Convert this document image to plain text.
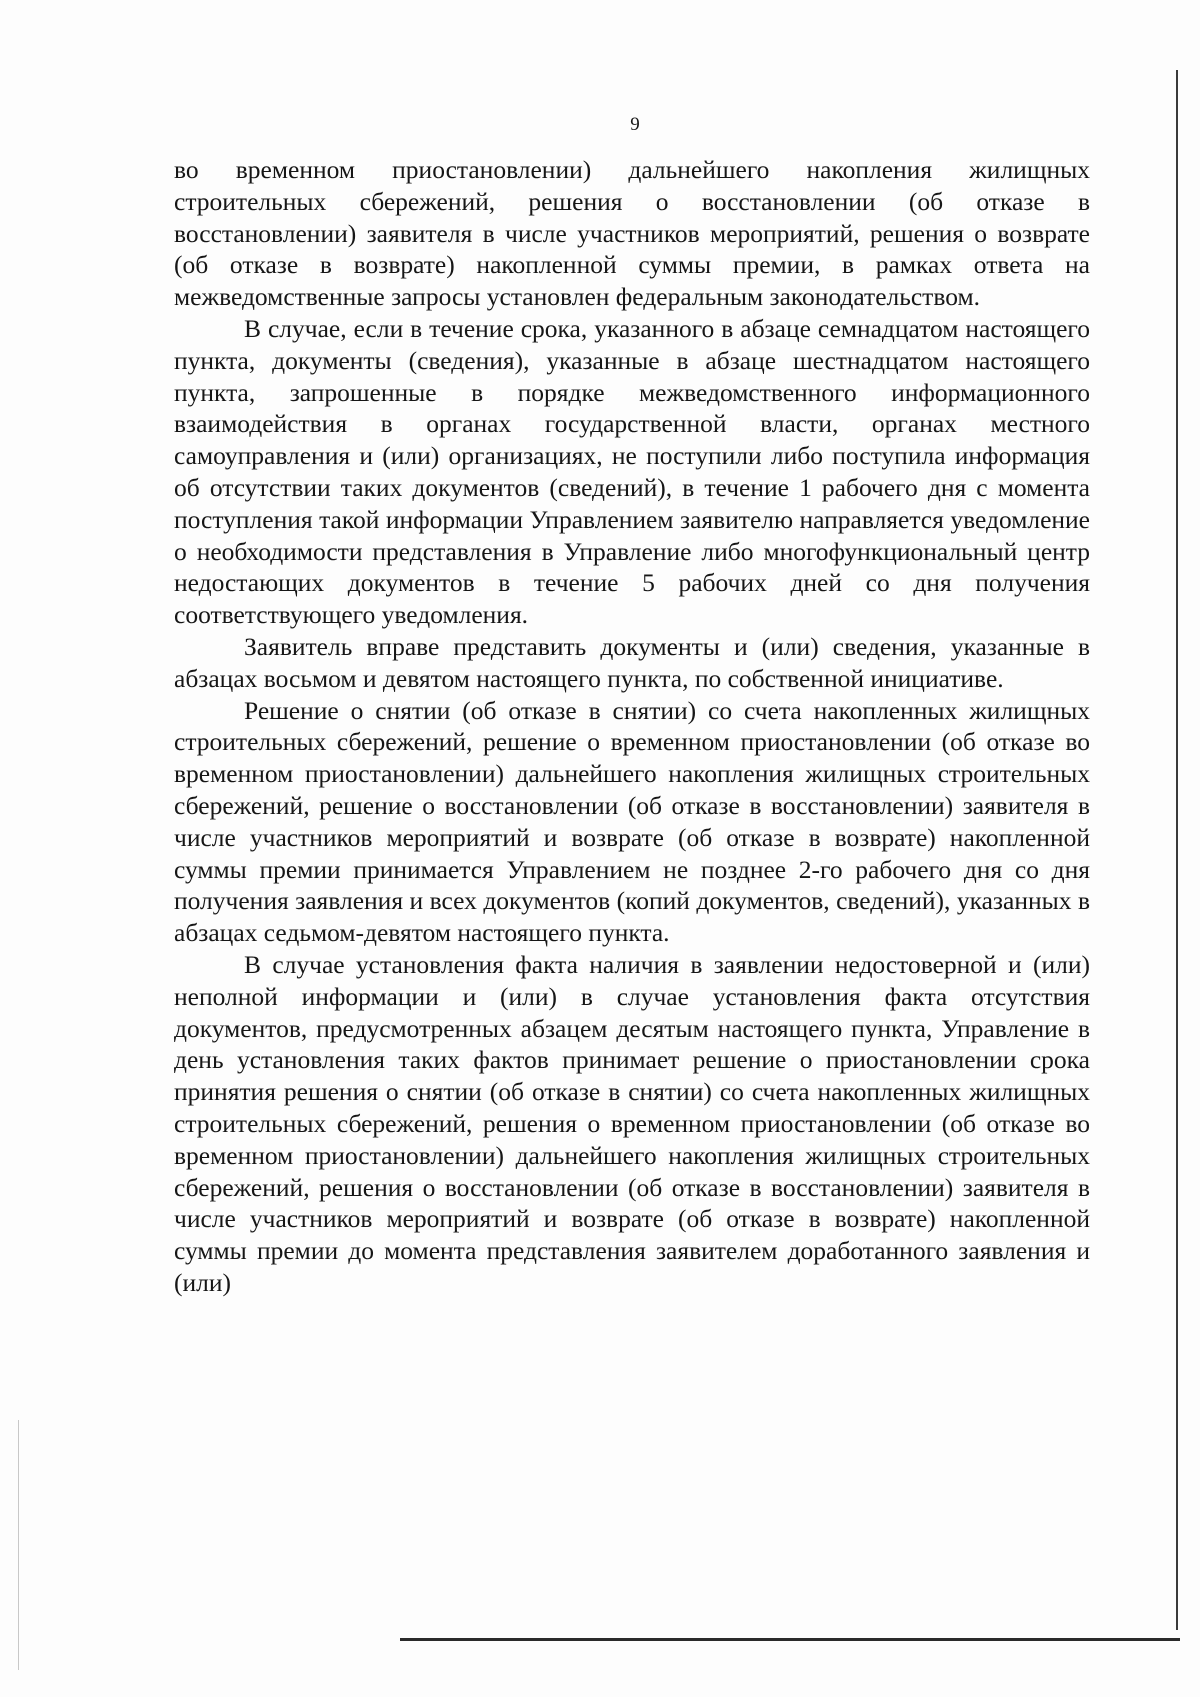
9

во временном приостановлении) дальнейшего накопления жилищных строительных сбережений, решения о восстановлении (об отказе в восстановлении) заявителя в числе участников мероприятий, решения о возврате (об отказе в возврате) накопленной суммы премии, в рамках ответа на межведомственные запросы установлен федеральным законодательством.

В случае, если в течение срока, указанного в абзаце семнадцатом настоящего пункта, документы (сведения), указанные в абзаце шестнадцатом настоящего пункта, запрошенные в порядке межведомственного информационного взаимодействия в органах государственной власти, органах местного самоуправления и (или) организациях, не поступили либо поступила информация об отсутствии таких документов (сведений), в течение 1 рабочего дня с момента поступления такой информации Управлением заявителю направляется уведомление о необходимости представления в Управление либо многофункциональный центр недостающих документов в течение 5 рабочих дней со дня получения соответствующего уведомления.

Заявитель вправе представить документы и (или) сведения, указанные в абзацах восьмом и девятом настоящего пункта, по собственной инициативе.

Решение о снятии (об отказе в снятии) со счета накопленных жилищных строительных сбережений, решение о временном приостановлении (об отказе во временном приостановлении) дальнейшего накопления жилищных строительных сбережений, решение о восстановлении (об отказе в восстановлении) заявителя в числе участников мероприятий и возврате (об отказе в возврате) накопленной суммы премии принимается Управлением не позднее 2-го рабочего дня со дня получения заявления и всех документов (копий документов, сведений), указанных в абзацах седьмом-девятом настоящего пункта.

В случае установления факта наличия в заявлении недостоверной и (или) неполной информации и (или) в случае установления факта отсутствия документов, предусмотренных абзацем десятым настоящего пункта, Управление в день установления таких фактов принимает решение о приостановлении срока принятия решения о снятии (об отказе в снятии) со счета накопленных жилищных строительных сбережений, решения о временном приостановлении (об отказе во временном приостановлении) дальнейшего накопления жилищных строительных сбережений, решения о восстановлении (об отказе в восстановлении) заявителя в числе участников мероприятий и возврате (об отказе в возврате) накопленной суммы премии до момента представления заявителем доработанного заявления и (или)
